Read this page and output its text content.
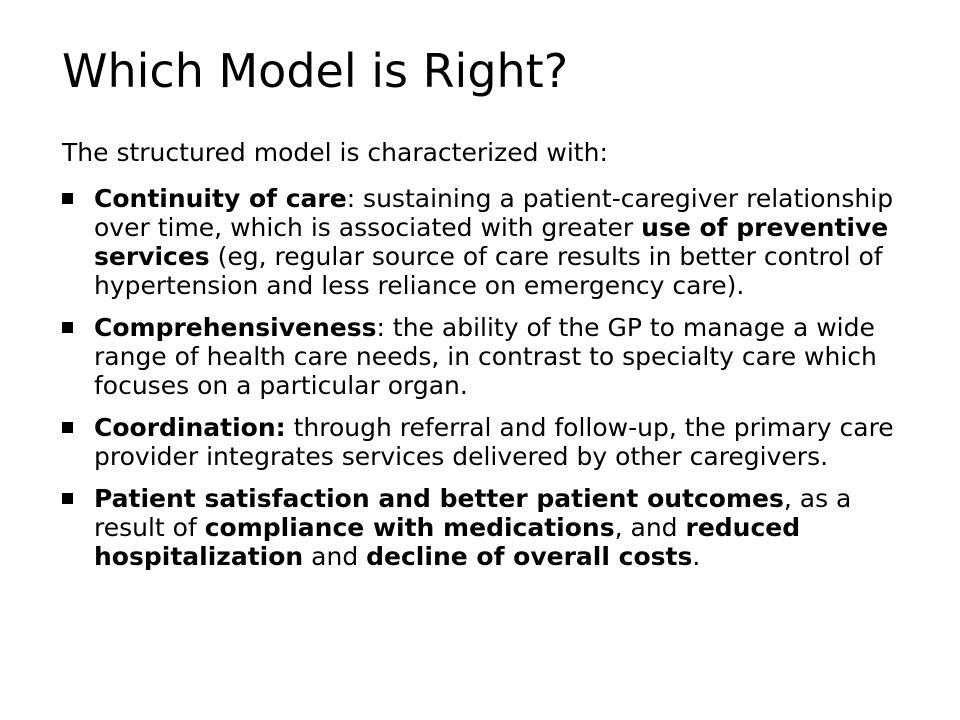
Which Model is Right?

The structured model is characterized with:

Continuity of care: sustaining a patient-caregiver relationship over time, which is associated with greater use of preventive services (eg, regular source of care results in better control of hypertension and less reliance on emergency care).
Comprehensiveness: the ability of the GP to manage a wide range of health care needs, in contrast to specialty care which focuses on a particular organ.
Coordination: through referral and follow-up, the primary care provider integrates services delivered by other caregivers.
Patient satisfaction and better patient outcomes, as a result of compliance with medications, and reduced hospitalization and decline of overall costs.
